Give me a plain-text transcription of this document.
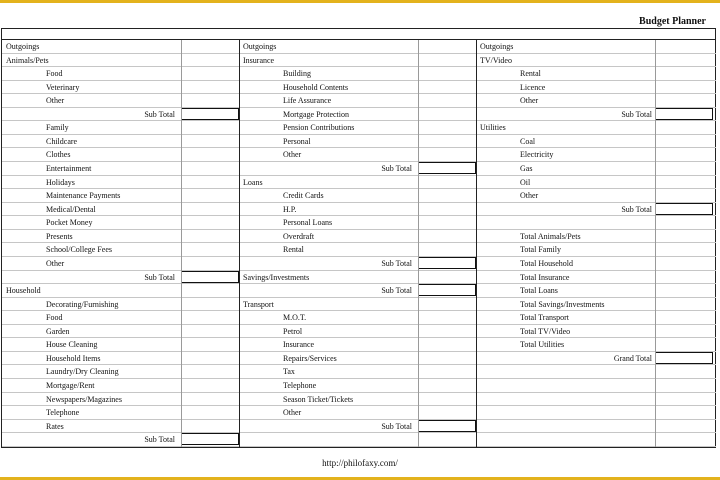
Budget Planner
Outgoings
Animals/Pets
Food
Veterinary
Other
Sub Total
Family
Childcare
Clothes
Entertainment
Holidays
Maintenance Payments
Medical/Dental
Pocket Money
Presents
School/College Fees
Other
Sub Total
Household
Decorating/Furnishing
Food
Garden
House Cleaning
Household Items
Laundry/Dry Cleaning
Mortgage/Rent
Newspapers/Magazines
Telephone
Rates
Sub Total
Outgoings
Insurance
Building
Household Contents
Life Assurance
Mortgage Protection
Pension Contributions
Personal
Other
Sub Total
Loans
Credit Cards
H.P.
Personal Loans
Overdraft
Rental
Sub Total
Savings/Investments
Sub Total
Transport
M.O.T.
Petrol
Insurance
Repairs/Services
Tax
Telephone
Season Ticket/Tickets
Other
Sub Total
Outgoings
TV/Video
Rental
Licence
Other
Sub Total
Utilities
Coal
Electricity
Gas
Oil
Other
Sub Total
Total Animals/Pets
Total Family
Total Household
Total Insurance
Total Loans
Total Savings/Investments
Total Transport
Total TV/Video
Total Utilities
Grand Total
http://philofaxy.com/
